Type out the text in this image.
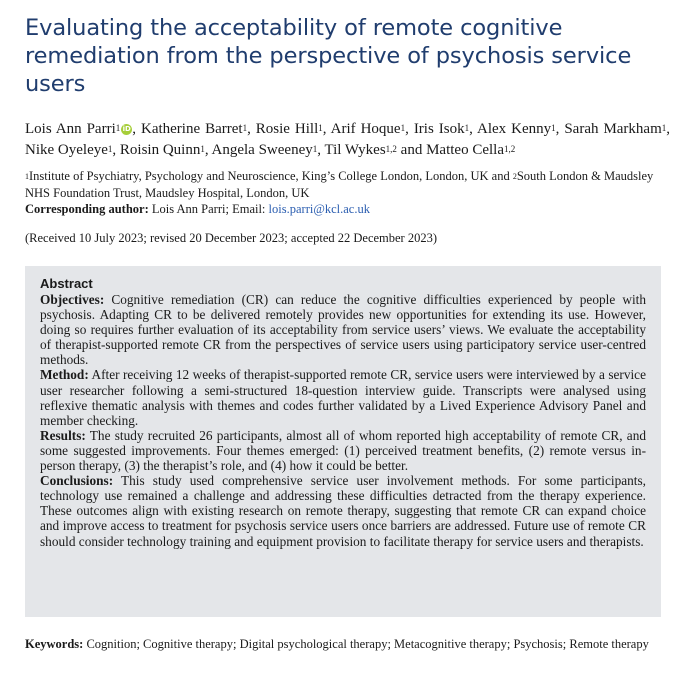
Evaluating the acceptability of remote cognitive remediation from the perspective of psychosis service users
Lois Ann Parri$^1$ iD, Katherine Barret$^1$, Rosie Hill$^1$, Arif Hoque$^1$, Iris Isok$^1$, Alex Kenny$^1$, Sarah Markham$^1$, Nike Oyeleye$^1$, Roisin Quinn$^1$, Angela Sweeney$^1$, Til Wykes$^{1,2}$ and Matteo Cella$^{1,2}$
$^1$Institute of Psychiatry, Psychology and Neuroscience, King’s College London, London, UK and $^2$South London & Maudsley NHS Foundation Trust, Maudsley Hospital, London, UK
Corresponding author: Lois Ann Parri; Email: lois.parri@kcl.ac.uk
(Received 10 July 2023; revised 20 December 2023; accepted 22 December 2023)
Abstract

Objectives: Cognitive remediation (CR) can reduce the cognitive difficulties experienced by people with psychosis. Adapting CR to be delivered remotely provides new opportunities for extending its use. However, doing so requires further evaluation of its acceptability from service users’ views. We evaluate the acceptability of therapist-supported remote CR from the perspectives of service users using participatory service user-centred methods.

Method: After receiving 12 weeks of therapist-supported remote CR, service users were interviewed by a service user researcher following a semi-structured 18-question interview guide. Transcripts were analysed using reflexive thematic analysis with themes and codes further validated by a Lived Experience Advisory Panel and member checking.

Results: The study recruited 26 participants, almost all of whom reported high acceptability of remote CR, and some suggested improvements. Four themes emerged: (1) perceived treatment benefits, (2) remote versus in-person therapy, (3) the therapist’s role, and (4) how it could be better.

Conclusions: This study used comprehensive service user involvement methods. For some participants, technology use remained a challenge and addressing these difficulties detracted from the therapy experience. These outcomes align with existing research on remote therapy, suggesting that remote CR can expand choice and improve access to treatment for psychosis service users once barriers are addressed. Future use of remote CR should consider technology training and equipment provision to facilitate therapy for service users and therapists.

Keywords: Cognition; Cognitive therapy; Digital psychological therapy; Metacognitive therapy; Psychosis; Remote therapy
